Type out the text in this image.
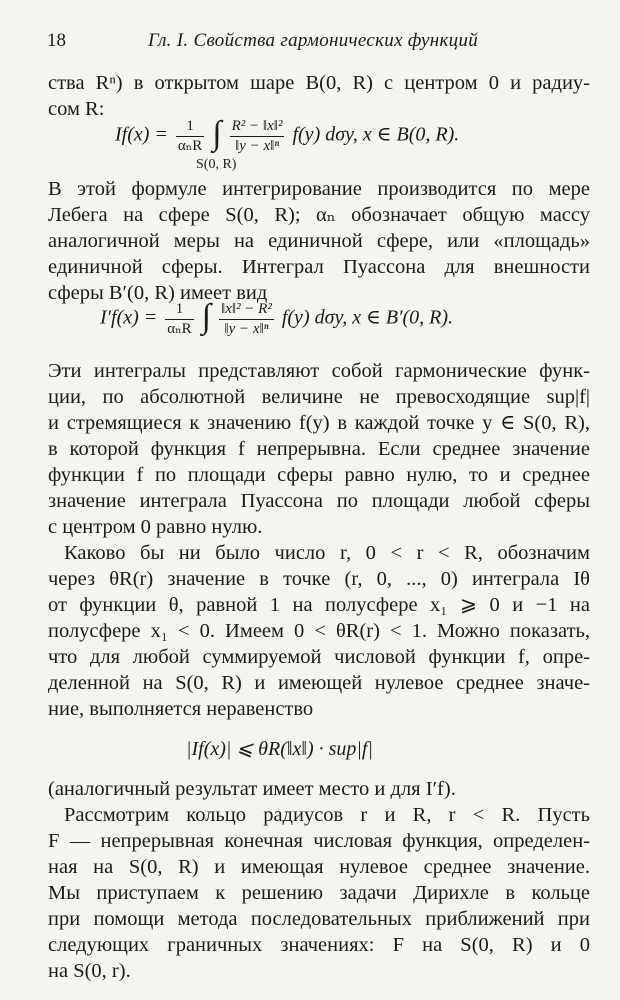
18	Гл. I. Свойства гармонических функций
ства Rⁿ) в открытом шаре B(0, R) с центром 0 и радиу-
сом R:
$If(x) = \frac{1}{\text{αₙR}}$ ∫ $\frac{\text{R² − ‖x‖²}}{\text{‖y − x‖ⁿ}} f(y)$ dσy, x ∈ B(0, R).
S(0, R)
В этой формуле интегрирование производится по мере
Лебега на сфере S(0, R); αₙ обозначает общую массу
аналогичной меры на единичной сфере, или «площадь»
единичной сферы. Интеграл Пуассона для внешности
сферы B′(0, R) имеет вид
$I'f(x) = \frac{1}{\text{αₙR}}$ ∫ $\frac{\text{‖x‖² − R²}}{\text{‖y − x‖ⁿ}} f(y)$ dσy, x ∈ B′(0, R).
Эти интегралы представляют собой гармонические функ-
ции, по абсолютной величине не превосходящие sup|f|
и стремящиеся к значению f(y) в каждой точке y ∈ S(0, R),
в которой функция f непрерывна. Если среднее значение
функции f по площади сферы равно нулю, то и среднее
значение интеграла Пуассона по площади любой сферы
с центром 0 равно нулю.
Каково бы ни было число r, 0 < r < R, обозначим
через θR(r) значение в точке (r, 0, ..., 0) интеграла Iθ
от функции θ, равной 1 на полусфере x₁ ⩾ 0 и −1 на
полусфере x₁ < 0. Имеем 0 < θR(r) < 1. Можно показать,
что для любой суммируемой числовой функции f, опре-
деленной на S(0, R) и имеющей нулевое среднее значе-
ние, выполняется неравенство
|If(x)| ⩽ θR(‖x‖) · sup|f|
(аналогичный результат имеет место и для I′f).
Рассмотрим кольцо радиусов r и R, r < R. Пусть
F — непрерывная конечная числовая функция, определен-
ная на S(0, R) и имеющая нулевое среднее значение.
Мы приступаем к решению задачи Дирихле в кольце
при помощи метода последовательных приближений при
следующих граничных значениях: F на S(0, R) и 0
на S(0, r).
